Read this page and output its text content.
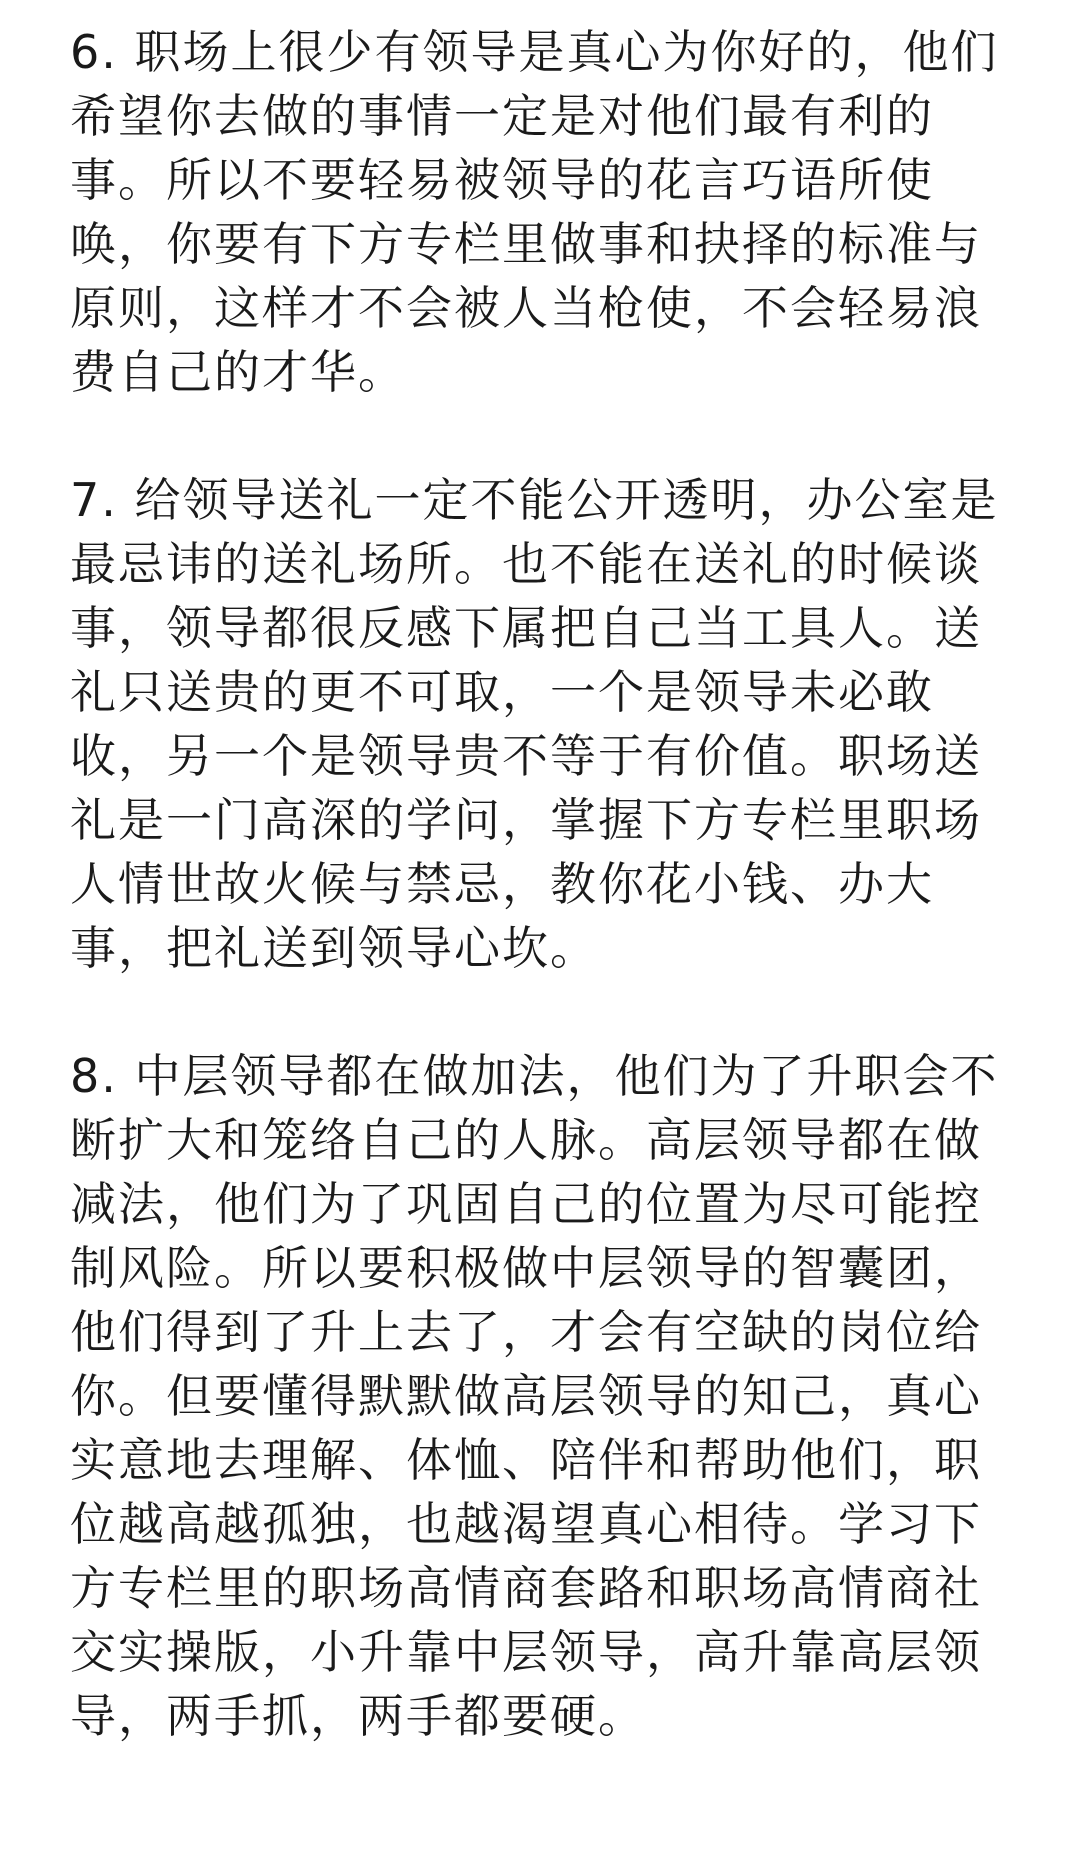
6. 职场上很少有领导是真心为你好的，他们
希望你去做的事情一定是对他们最有利的
事。所以不要轻易被领导的花言巧语所使
唤，你要有下方专栏里做事和抉择的标准与
原则，这样才不会被人当枪使，不会轻易浪
费自己的才华。
7. 给领导送礼一定不能公开透明，办公室是
最忌讳的送礼场所。也不能在送礼的时候谈
事，领导都很反感下属把自己当工具人。送
礼只送贵的更不可取，一个是领导未必敢
收，另一个是领导贵不等于有价值。职场送
礼是一门高深的学问，掌握下方专栏里职场
人情世故火候与禁忌，教你花小钱、办大
事，把礼送到领导心坎。
8. 中层领导都在做加法，他们为了升职会不
断扩大和笼络自己的人脉。高层领导都在做
减法，他们为了巩固自己的位置为尽可能控
制风险。所以要积极做中层领导的智囊团，
他们得到了升上去了，才会有空缺的岗位给
你。但要懂得默默做高层领导的知己，真心
实意地去理解、体恤、陪伴和帮助他们，职
位越高越孤独，也越渴望真心相待。学习下
方专栏里的职场高情商套路和职场高情商社
交实操版，小升靠中层领导，高升靠高层领
导，两手抓，两手都要硬。
